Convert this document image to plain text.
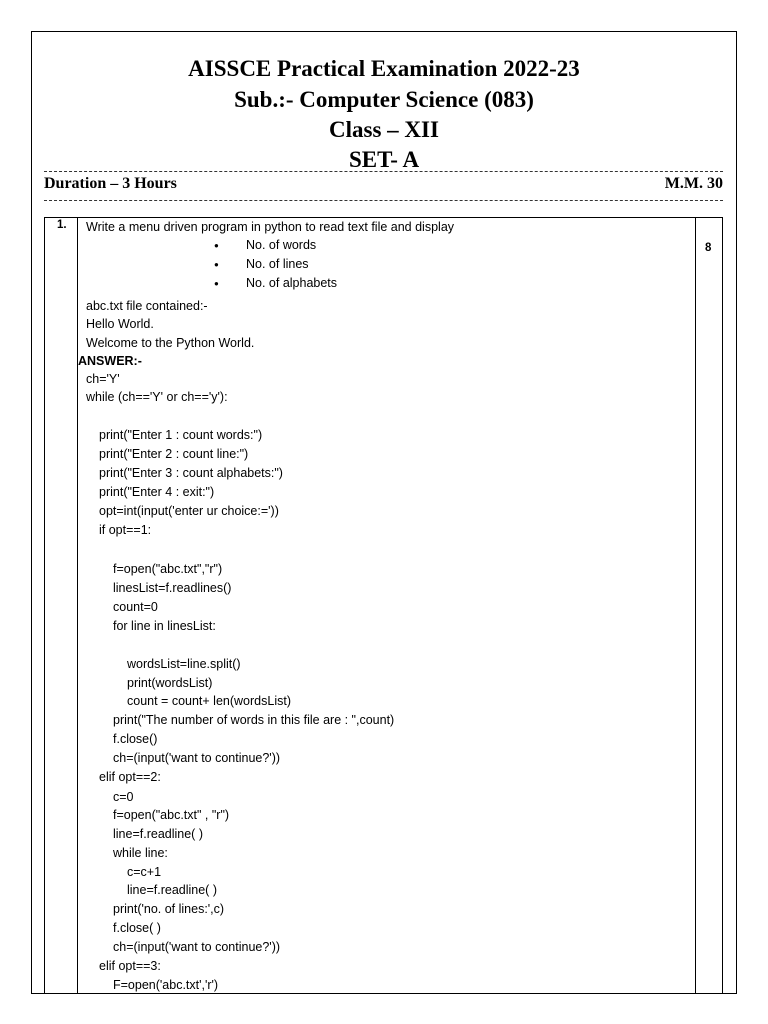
AISSCE Practical Examination 2022-23
Sub.:- Computer Science (083)
Class – XII
SET- A
Duration – 3 Hours	M.M. 30
1.
8
Write a menu driven program in python to read text file and display
● No. of words
● No. of lines
● No. of alphabets
abc.txt file contained:-
Hello World.
Welcome to the Python World.
ANSWER:-
ch='Y'
while (ch=='Y' or ch=='y'):
print("Enter 1 : count words:")
print("Enter 2 : count line:")
print("Enter 3 : count alphabets:")
print("Enter 4 : exit:")
opt=int(input('enter ur choice:='))
if opt==1:
f=open("abc.txt","r")
linesList=f.readlines()
count=0
for line in linesList:
wordsList=line.split()
print(wordsList)
count = count+ len(wordsList)
print("The number of words in this file are : ",count)
f.close()
ch=(input('want to continue?'))
elif opt==2:
c=0
f=open("abc.txt" , "r")
line=f.readline( )
while line:
c=c+1
line=f.readline( )
print('no. of lines:',c)
f.close( )
ch=(input('want to continue?'))
elif opt==3:
F=open('abc.txt','r')
